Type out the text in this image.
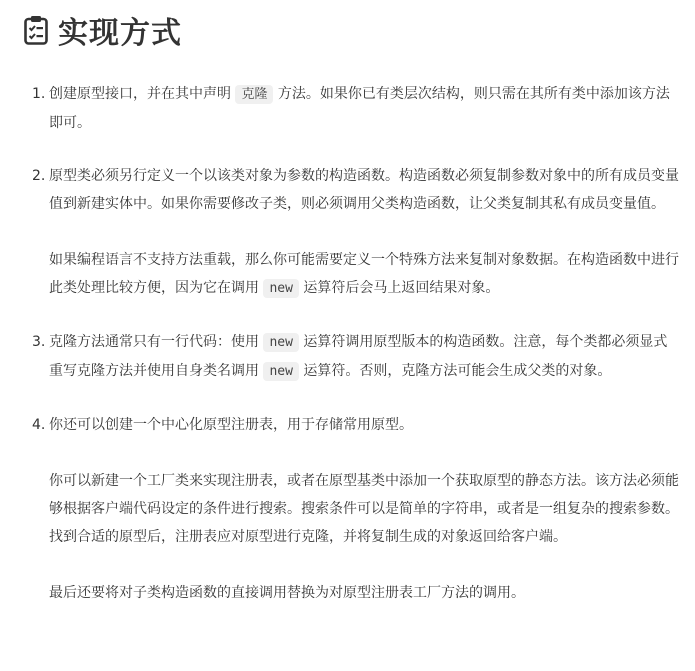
实现方式
1. 创建原型接口，并在其中声明 克隆 方法。如果你已有类层次结构，则只需在其所有类中添加该方法即可。

2. 原型类必须另行定义一个以该类对象为参数的构造函数。构造函数必须复制参数对象中的所有成员变量值到新建实体中。如果你需要修改子类，则必须调用父类构造函数，让父类复制其私有成员变量值。

如果编程语言不支持方法重载，那么你可能需要定义一个特殊方法来复制对象数据。在构造函数中进行此类处理比较方便，因为它在调用 new 运算符后会马上返回结果对象。

3. 克隆方法通常只有一行代码：使用 new 运算符调用原型版本的构造函数。注意，每个类都必须显式重写克隆方法并使用自身类名调用 new 运算符。否则，克隆方法可能会生成父类的对象。

4. 你还可以创建一个中心化原型注册表，用于存储常用原型。

你可以新建一个工厂类来实现注册表，或者在原型基类中添加一个获取原型的静态方法。该方法必须能够根据客户端代码设定的条件进行搜索。搜索条件可以是简单的字符串，或者是一组复杂的搜索参数。找到合适的原型后，注册表应对原型进行克隆，并将复制生成的对象返回给客户端。

最后还要将对子类构造函数的直接调用替换为对原型注册表工厂方法的调用。
